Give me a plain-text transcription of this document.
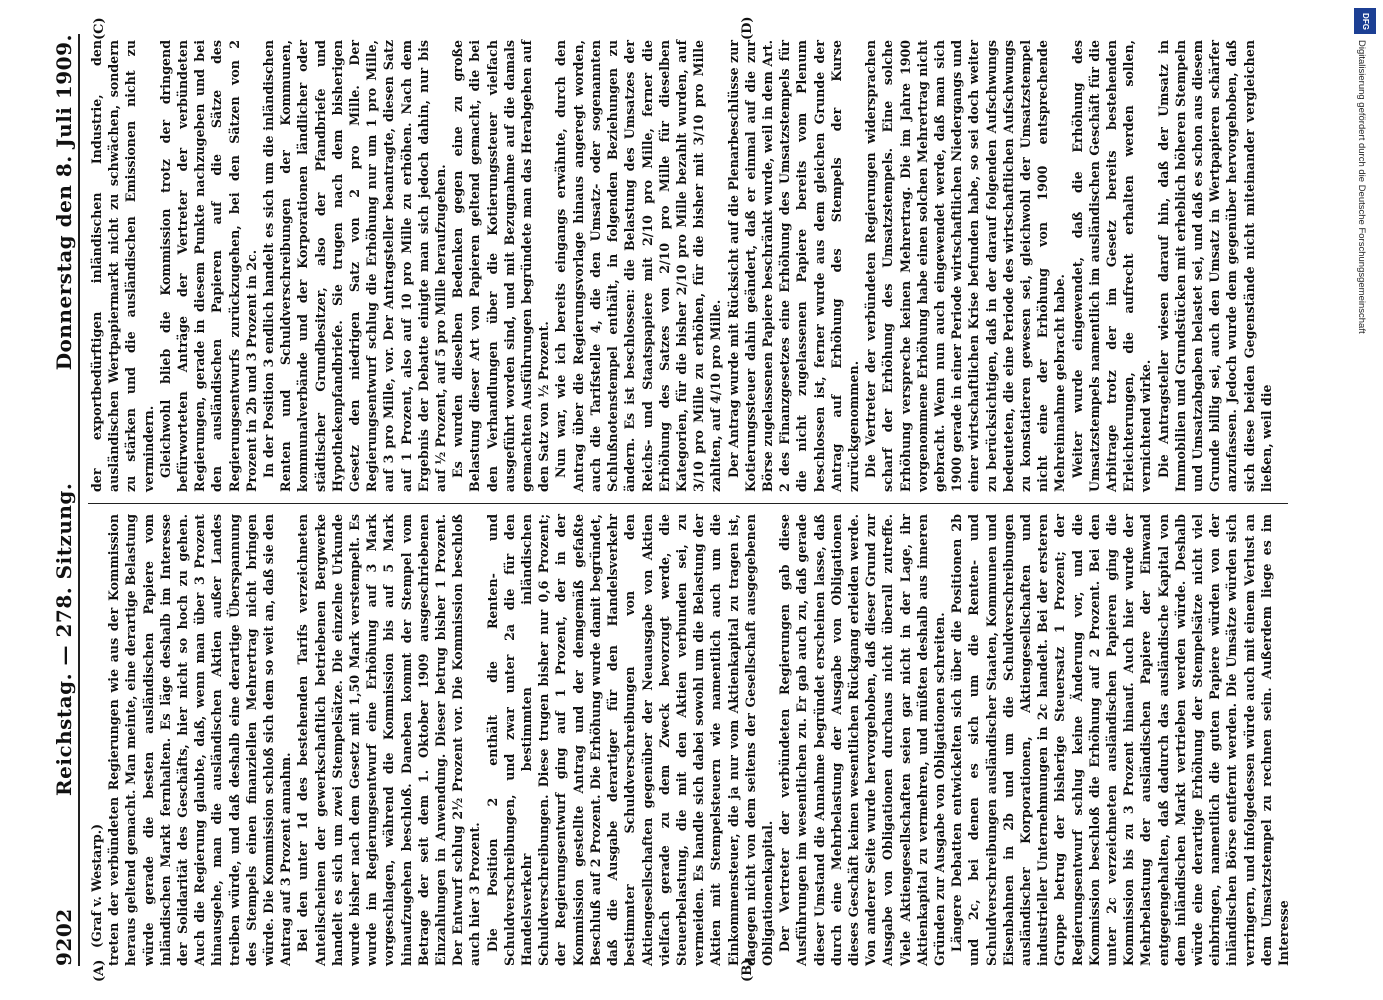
9202
Reichstag. — 278. Sitzung.
Donnerstag den 8. Juli 1909.
(A)	(B)
(C)	(D)

(Graf v. Westarp.) treten der verbündeten Regierungen wie aus der Kommission heraus geltend gemacht. Man meinte, eine derartige Belastung würde gerade die besten ausländischen Papiere vom inländischen Markt fernhalten. Es läge deshalb im Interesse der Solidarität des Geschäfts, hier nicht so hoch zu gehen. Auch die Regierung glaubte, daß, wenn man über 3 Prozent hinausgehe, man die ausländischen Aktien außer Landes treiben würde, und daß deshalb eine derartige Überspannung des Stempels einen finanziellen Mehrertrag nicht bringen würde. Die Kommission schloß sich dem so weit an, daß sie den Antrag auf 3 Prozent annahm. Bei den unter 1d des bestehenden Tarifs verzeichneten Anteilscheinen der gewerkschaftlich betriebenen Bergwerke handelt es sich um zwei Stempelsätze. Die einzelne Urkunde wurde bisher nach dem Gesetz mit 1,50 Mark verstempelt. Es wurde im Regierungsentwurf eine Erhöhung auf 3 Mark vorgeschlagen, während die Kommission bis auf 5 Mark hinaufzugehen beschloß. Daneben kommt der Stempel vom Betrage der seit dem 1. Oktober 1909 ausgeschriebenen Einzahlungen in Anwendung. Dieser betrug bisher 1 Prozent. Der Entwurf schlug 2½ Prozent vor. Die Kommission beschloß auch hier 3 Prozent. Die Position 2 enthält die Renten- und Schuldverschreibungen, und zwar unter 2a die für den Handelsverkehr bestimmten inländischen Schuldverschreibungen. Diese trugen bisher nur 0,6 Prozent; der Regierungsentwurf ging auf 1 Prozent, der in der Kommission gestellte Antrag und der demgemäß gefaßte Beschluß auf 2 Prozent. Die Erhöhung wurde damit begründet, daß die Ausgabe derartiger für den Handelsverkehr bestimmter Schuldverschreibungen von den Aktiengesellschaften gegenüber der Neuausgabe von Aktien vielfach gerade zu dem Zweck bevorzugt werde, die Steuerbelastung, die mit den Aktien verbunden sei, zu vermeiden. Es handle sich dabei sowohl um die Belastung der Aktien mit Stempelsteuern wie namentlich auch um die Einkommensteuer, die ja nur vom Aktienkapital zu tragen ist, dagegen nicht von dem seitens der Gesellschaft ausgegebenen Obligationenkapital. Der Vertreter der verbündeten Regierungen gab diese Ausführungen im wesentlichen zu. Er gab auch zu, daß gerade dieser Umstand die Annahme begründet erscheinen lasse, daß durch eine Mehrbelastung der Ausgabe von Obligationen dieses Geschäft keinen wesentlichen Rückgang erleiden werde. Von anderer Seite wurde hervorgehoben, daß dieser Grund zur Ausgabe von Obligationen durchaus nicht überall zutreffe. Viele Aktiengesellschaften seien gar nicht in der Lage, ihr Aktienkapital zu vermehren, und müßten deshalb aus inneren Gründen zur Ausgabe von Obligationen schreiten. Längere Debatten entwickelten sich über die Positionen 2b und 2c, bei denen es sich um die Renten- und Schuldverschreibungen ausländischer Staaten, Kommunen und Eisenbahnen in 2b und um die Schuldverschreibungen ausländischer Korporationen, Aktiengesellschaften und industrieller Unternehmungen in 2c handelt. Bei der ersteren Gruppe betrug der bisherige Steuersatz 1 Prozent; der Regierungsentwurf schlug keine Änderung vor, und die Kommission beschloß die Erhöhung auf 2 Prozent. Bei den unter 2c verzeichneten ausländischen Papieren ging die Kommission bis zu 3 Prozent hinauf. Auch hier wurde der Mehrbelastung der ausländischen Papiere der Einwand entgegengehalten, daß dadurch das ausländische Kapital von dem inländischen Markt vertrieben werden würde. Deshalb würde eine derartige Erhöhung der Stempelsätze nicht viel einbringen, namentlich die guten Papiere würden von der inländischen Börse entfernt werden. Die Umsätze würden sich verringern, und infolgedessen würde auch mit einem Verlust an dem Umsatzstempel zu rechnen sein. Außerdem liege es im Interesse

der exportbedürftigen inländischen Industrie, den ausländischen Wertpapiermarkt nicht zu schwächen, sondern zu stärken und die ausländischen Emissionen nicht zu vermindern. Gleichwohl blieb die Kommission trotz der dringend befürworteten Anträge der Vertreter der verbündeten Regierungen, gerade in diesem Punkte nachzugeben und bei den ausländischen Papieren auf die Sätze des Regierungsentwurfs zurückzugehen, bei den Sätzen von 2 Prozent in 2b und 3 Prozent in 2c. In der Position 3 endlich handelt es sich um die inländischen Renten und Schuldverschreibungen der Kommunen, kommunalverbände und der Korporationen ländlicher oder städtischer Grundbesitzer, also der Pfandbriefe und Hypothekenpfandbriefe. Sie trugen nach dem bisherigen Gesetz den niedrigen Satz von 2 pro Mille. Der Regierungsentwurf schlug die Erhöhung nur um 1 pro Mille, auf 3 pro Mille, vor. Der Antragsteller beantragte, diesen Satz auf 1 Prozent, also auf 10 pro Mille zu erhöhen. Nach dem Ergebnis der Debatte einigte man sich jedoch dahin, nur bis auf ½ Prozent, auf 5 pro Mille heraufzugehen. Es wurden dieselben Bedenken gegen eine zu große Belastung dieser Art von Papieren geltend gemacht, die bei den Verhandlungen über die Kotierungssteuer vielfach ausgeführt worden sind, und mit Bezugnahme auf die damals gemachten Ausführungen begründete man das Herabgehen auf den Satz von ½ Prozent. Nun war, wie ich bereits eingangs erwähnte, durch den Antrag über die Regierungsvorlage hinaus angeregt worden, auch die Tarifstelle 4, die den Umsatz- oder sogenannten Schlußnotenstempel enthält, in folgenden Beziehungen zu ändern. Es ist beschlossen: die Belastung des Umsatzes der Reichs- und Staatspapiere mit 2/10 pro Mille, ferner die Erhöhung des Satzes von 2/10 pro Mille für dieselben Kategorien, für die bisher 2/10 pro Mille bezahlt wurden, auf 3/10 pro Mille zu erhöhen, für die bisher mit 3/10 pro Mille zahlten, auf 4/10 pro Mille. Der Antrag wurde mit Rücksicht auf die Plenarbeschlüsse zur Kotierungssteuer dahin geändert, daß er einmal auf die zur Börse zugelassenen Papiere beschränkt wurde, weil in dem Art. 2 des Finanzgesetzes eine Erhöhung des Umsatzstempels für die nicht zugelassenen Papiere bereits vom Plenum beschlossen ist, ferner wurde aus dem gleichen Grunde der Antrag auf Erhöhung des Stempels der Kurse zurückgenommen. Die Vertreter der verbündeten Regierungen widersprachen scharf der Erhöhung des Umsatzstempels. Eine solche Erhöhung verspreche keinen Mehrertrag. Die im Jahre 1900 vorgenommene Erhöhung habe einen solchen Mehrertrag nicht gebracht. Wenn nun auch eingewendet werde, daß man sich 1900 gerade in einer Periode wirtschaftlichen Niedergangs und einer wirtschaftlichen Krise befunden habe, so sei doch weiter zu berücksichtigen, daß in der darauf folgenden Aufschwungs bedeuteten, die eine Periode des wirtschaftlichen Aufschwungs zu konstatieren gewesen sei, gleichwohl der Umsatzstempel nicht eine der Erhöhung von 1900 entsprechende Mehreinnahme gebracht habe. Weiter wurde eingewendet, daß die Erhöhung des Umsatzstempels namentlich im ausländischen Geschäft für die Arbitrage trotz der im Gesetz bereits bestehenden Erleichterungen, die aufrecht erhalten werden sollen, vernichtend wirke. Die Antragsteller wiesen darauf hin, daß der Umsatz in Immobilien und Grundstücken mit erheblich höheren Stempeln und Umsatzabgaben belastet sei, und daß es schon aus diesem Grunde billig sei, auch den Umsatz in Wertpapieren schärfer anzufassen. Jedoch wurde dem gegenüber hervorgehoben, daß sich diese beiden Gegenstände nicht miteinander vergleichen ließen, weil die

DFG
Digitalisierung gefördert durch die Deutsche Forschungsgemeinschaft
